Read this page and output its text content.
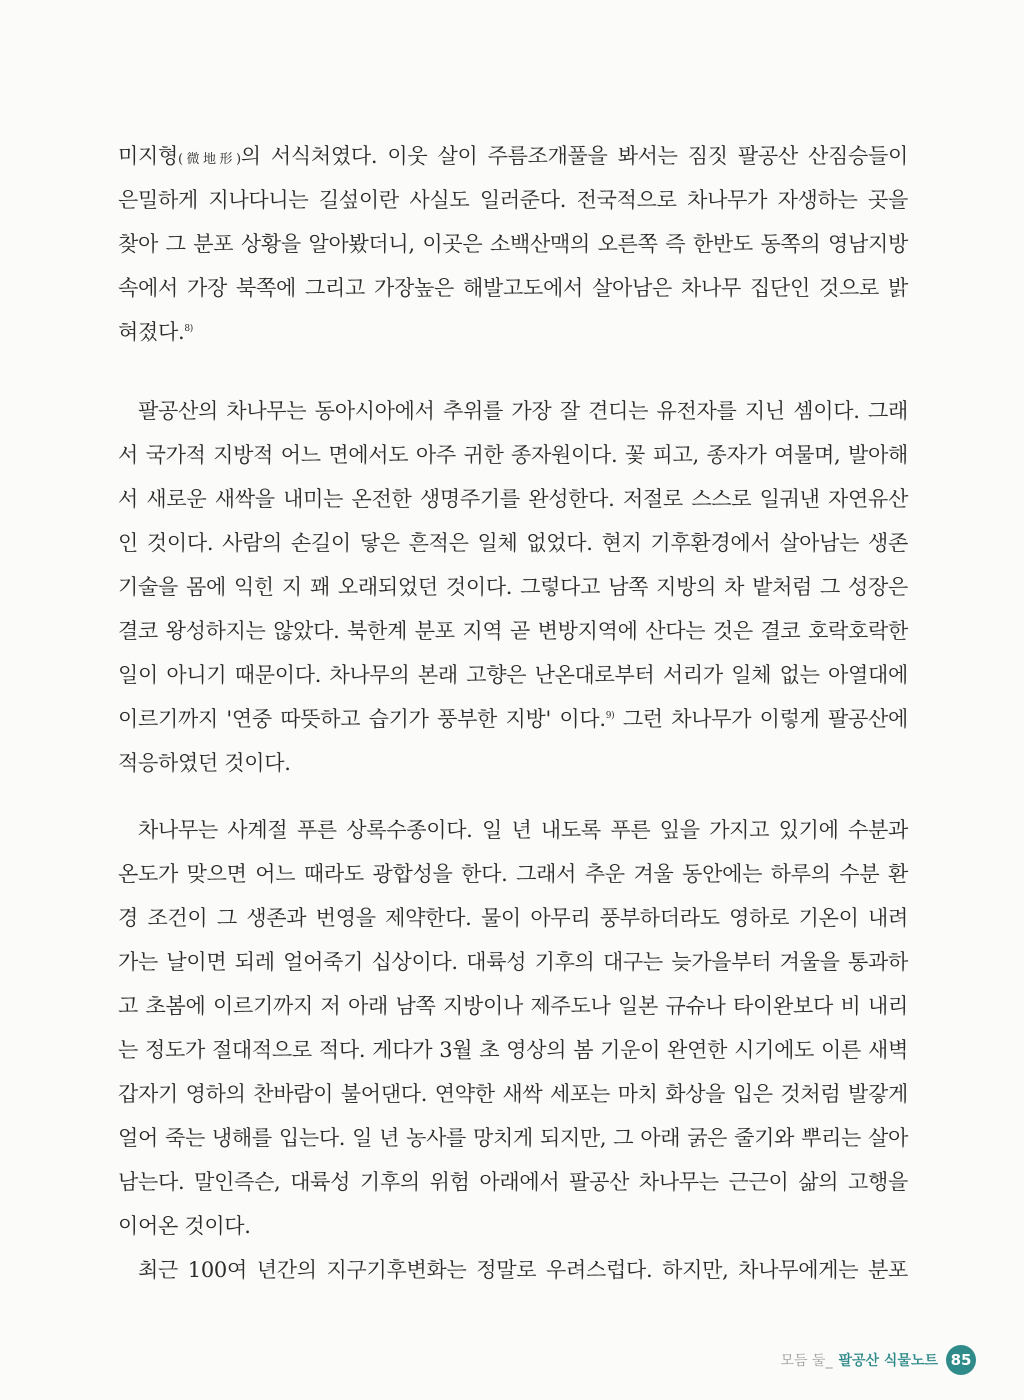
미지형(微地形)의 서식처였다. 이웃 살이 주름조개풀을 봐서는 짐짓 팔공산 산짐승들이
은밀하게 지나다니는 길섶이란 사실도 일러준다. 전국적으로 차나무가 자생하는 곳을
찾아 그 분포 상황을 알아봤더니, 이곳은 소백산맥의 오른쪽 즉 한반도 동쪽의 영남지방
속에서 가장 북쪽에 그리고 가장높은 해발고도에서 살아남은 차나무 집단인 것으로 밝
혀졌다.$^{8)}$
팔공산의 차나무는 동아시아에서 추위를 가장 잘 견디는 유전자를 지닌 셈이다. 그래
서 국가적 지방적 어느 면에서도 아주 귀한 종자원이다. 꽃 피고, 종자가 여물며, 발아해
서 새로운 새싹을 내미는 온전한 생명주기를 완성한다. 저절로 스스로 일궈낸 자연유산
인 것이다. 사람의 손길이 닿은 흔적은 일체 없었다. 현지 기후환경에서 살아남는 생존
기술을 몸에 익힌 지 꽤 오래되었던 것이다. 그렇다고 남쪽 지방의 차 밭처럼 그 성장은
결코 왕성하지는 않았다. 북한계 분포 지역 곧 변방지역에 산다는 것은 결코 호락호락한
일이 아니기 때문이다. 차나무의 본래 고향은 난온대로부터 서리가 일체 없는 아열대에
이르기까지 '연중 따뜻하고 습기가 풍부한 지방' 이다.$^{9)}$ 그런 차나무가 이렇게 팔공산에
적응하였던 것이다.
차나무는 사계절 푸른 상록수종이다. 일 년 내도록 푸른 잎을 가지고 있기에 수분과
온도가 맞으면 어느 때라도 광합성을 한다. 그래서 추운 겨울 동안에는 하루의 수분 환
경 조건이 그 생존과 번영을 제약한다. 물이 아무리 풍부하더라도 영하로 기온이 내려
가는 날이면 되레 얼어죽기 십상이다. 대륙성 기후의 대구는 늦가을부터 겨울을 통과하
고 초봄에 이르기까지 저 아래 남쪽 지방이나 제주도나 일본 규슈나 타이완보다 비 내리
는 정도가 절대적으로 적다. 게다가 3월 초 영상의 봄 기운이 완연한 시기에도 이른 새벽
갑자기 영하의 찬바람이 불어댄다. 연약한 새싹 세포는 마치 화상을 입은 것처럼 발갛게
얼어 죽는 냉해를 입는다. 일 년 농사를 망치게 되지만, 그 아래 굵은 줄기와 뿌리는 살아
남는다. 말인즉슨, 대륙성 기후의 위험 아래에서 팔공산 차나무는 근근이 삶의 고행을
이어온 것이다.
최근 100여 년간의 지구기후변화는 정말로 우려스럽다. 하지만, 차나무에게는 분포
모듬 둘_ 팔공산 식물노트 85
